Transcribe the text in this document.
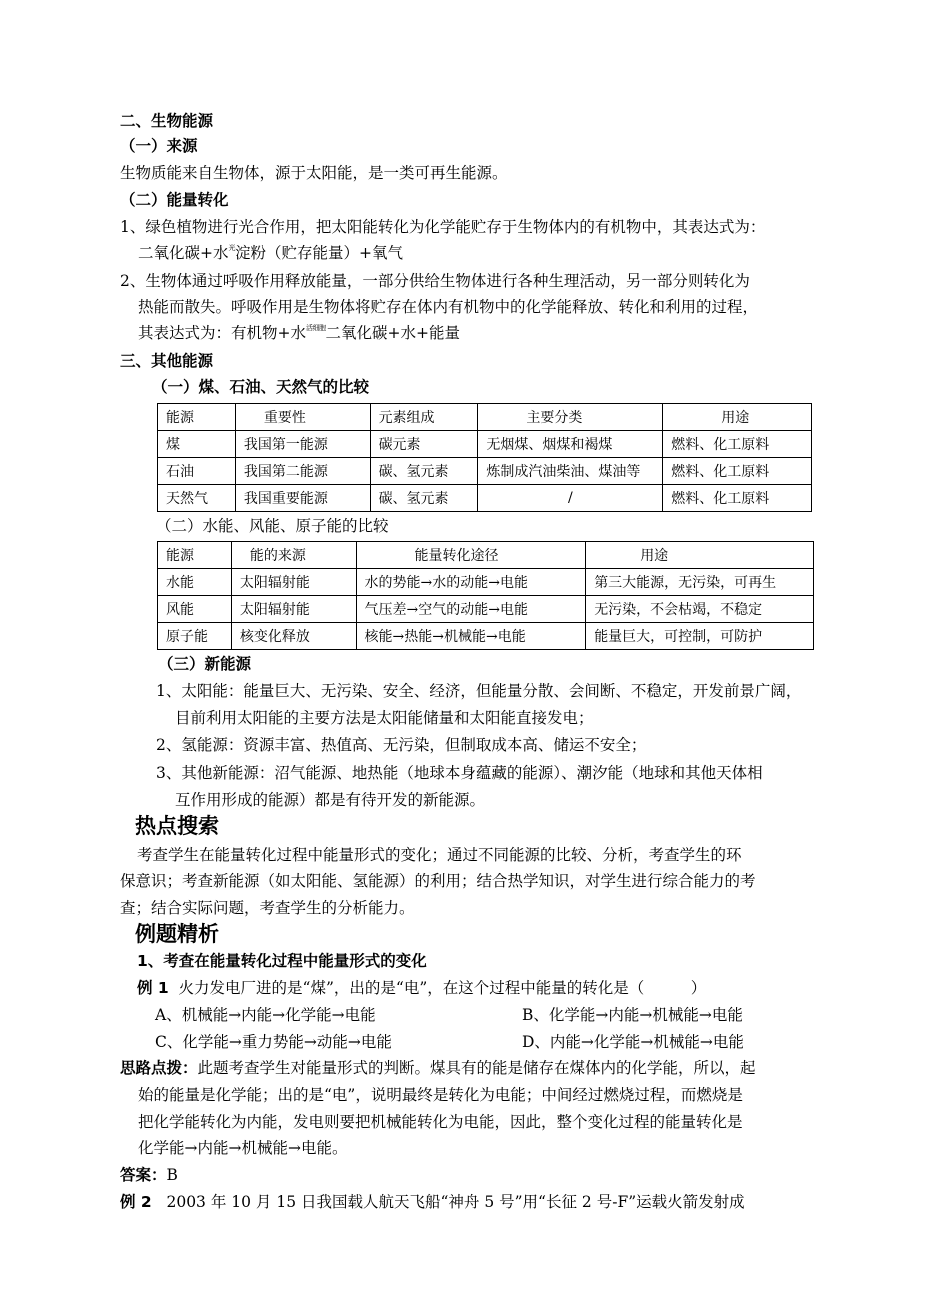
二、生物能源
（一）来源
生物质能来自生物体，源于太阳能，是一类可再生能源。
（二）能量转化
1、绿色植物进行光合作用，把太阳能转化为化学能贮存于生物体内的有机物中，其表达式为：
二氧化碳+水$^光$淀粉（贮存能量）+氧气
2、生物体通过呼吸作用释放能量，一部分供给生物体进行各种生理活动，另一部分则转化为
热能而散失。呼吸作用是生物体将贮存在体内有机物中的化学能释放、转化和利用的过程，
其表达式为：有机物+水$^{活细胞}$二氧化碳+水+能量
三、其他能源
（一）煤、石油、天然气的比较
能源	重要性	元素组成	主要分类	用途
煤	我国第一能源	碳元素	无烟煤、烟煤和褐煤	燃料、化工原料
石油	我国第二能源	碳、氢元素	炼制成汽油柴油、煤油等	燃料、化工原料
天然气	我国重要能源	碳、氢元素	/	燃料、化工原料
（二）水能、风能、原子能的比较
能源	能的来源	能量转化途径	用途
水能	太阳辐射能	水的势能→水的动能→电能	第三大能源，无污染，可再生
风能	太阳辐射能	气压差→空气的动能→电能	无污染，不会枯竭，不稳定
原子能	核变化释放	核能→热能→机械能→电能	能量巨大，可控制，可防护
（三）新能源
1、太阳能：能量巨大、无污染、安全、经济，但能量分散、会间断、不稳定，开发前景广阔，
目前利用太阳能的主要方法是太阳能储量和太阳能直接发电；
2、氢能源：资源丰富、热值高、无污染，但制取成本高、储运不安全；
3、其他新能源：沼气能源、地热能（地球本身蕴藏的能源）、潮汐能（地球和其他天体相
互作用形成的能源）都是有待开发的新能源。
热点搜索
考查学生在能量转化过程中能量形式的变化；通过不同能源的比较、分析，考查学生的环
保意识；考查新能源（如太阳能、氢能源）的利用；结合热学知识，对学生进行综合能力的考
查；结合实际问题，考查学生的分析能力。
例题精析
1、考查在能量转化过程中能量形式的变化
例 1 火力发电厂进的是“煤”，出的是“电”，在这个过程中能量的转化是（　　　）
A、机械能→内能→化学能→电能	B、化学能→内能→机械能→电能
C、化学能→重力势能→动能→电能	D、内能→化学能→机械能→电能
思路点拨：此题考查学生对能量形式的判断。煤具有的能是储存在煤体内的化学能，所以，起
始的能量是化学能；出的是“电”，说明最终是转化为电能；中间经过燃烧过程，而燃烧是
把化学能转化为内能，发电则要把机械能转化为电能，因此，整个变化过程的能量转化是
化学能→内能→机械能→电能。
答案：B
例 2 2003 年 10 月 15 日我国载人航天飞船“神舟 5 号”用“长征 2 号-F”运载火箭发射成
